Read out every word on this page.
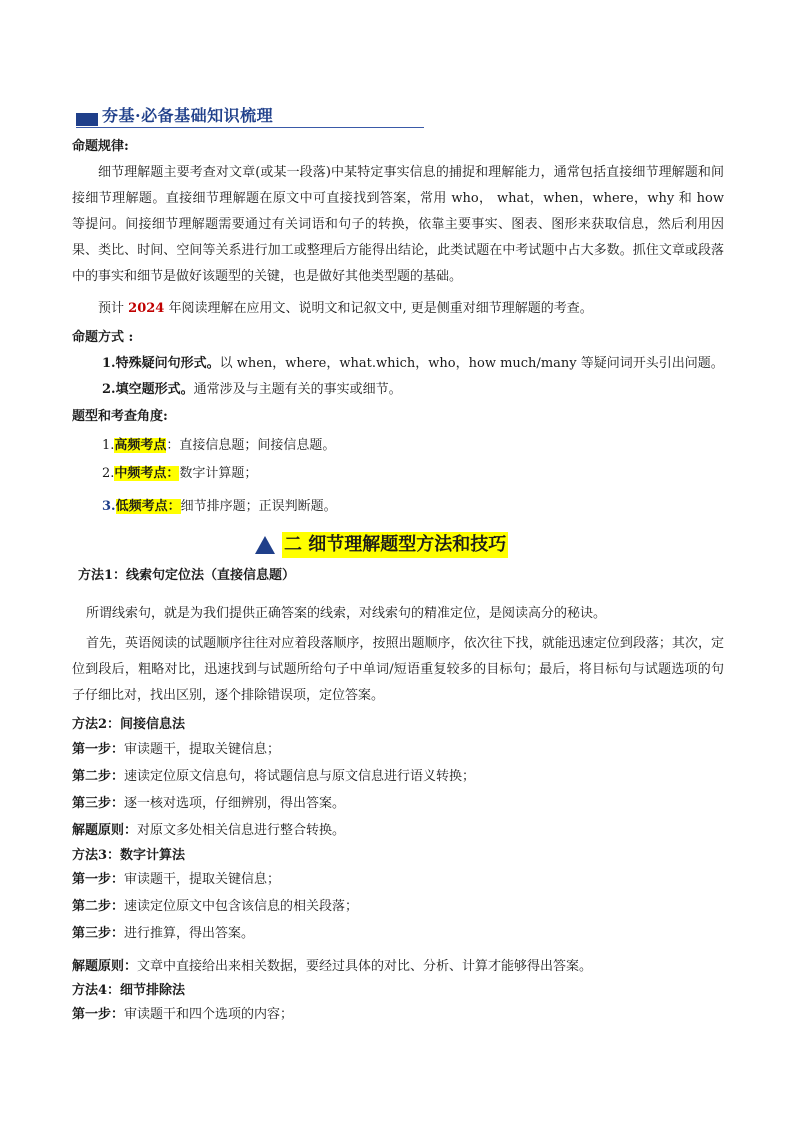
夯基·必备基础知识梳理
命题规律:
细节理解题主要考查对文章(或某一段落)中某特定事实信息的捕捉和理解能力，通常包括直接细节理解题和间接细节理解题。直接细节理解题在原文中可直接找到答案，常用 who， what，when，where，why 和 how 等提问。间接细节理解题需要通过有关词语和句子的转换，依靠主要事实、图表、图形来获取信息，然后利用因果、类比、时间、空间等关系进行加工或整理后方能得出结论，此类试题在中考试题中占大多数。抓住文章或段落中的事实和细节是做好该题型的关键，也是做好其他类型题的基础。
预计 2024 年阅读理解在应用文、说明文和记叙文中, 更是侧重对细节理解题的考查。
命题方式 :
1.特殊疑问句形式。以 when，where，what.which，who，how much/many 等疑问词开头引出问题。
2.填空题形式。通常涉及与主题有关的事实或细节。
题型和考查角度:
1.高频考点：直接信息题；间接信息题。
2.中频考点：数字计算题；
3.低频考点：细节排序题；正误判断题。
二 细节理解题型方法和技巧
方法1：线索句定位法（直接信息题）
所谓线索句，就是为我们提供正确答案的线索，对线索句的精准定位，是阅读高分的秘诀。
首先，英语阅读的试题顺序往往对应着段落顺序，按照出题顺序，依次往下找，就能迅速定位到段落；其次，定位到段后，粗略对比，迅速找到与试题所给句子中单词/短语重复较多的目标句；最后，将目标句与试题选项的句子仔细比对，找出区别，逐个排除错误项，定位答案。
方法2：间接信息法
第一步：审读题干，提取关键信息；
第二步：速读定位原文信息句，将试题信息与原文信息进行语义转换；
第三步：逐一核对选项，仔细辨别，得出答案。
解题原则：对原文多处相关信息进行整合转换。
方法3：数字计算法
第一步：审读题干，提取关键信息；
第二步：速读定位原文中包含该信息的相关段落；
第三步：进行推算，得出答案。
解题原则：文章中直接给出来相关数据，要经过具体的对比、分析、计算才能够得出答案。
方法4：细节排除法
第一步：审读题干和四个选项的内容；
